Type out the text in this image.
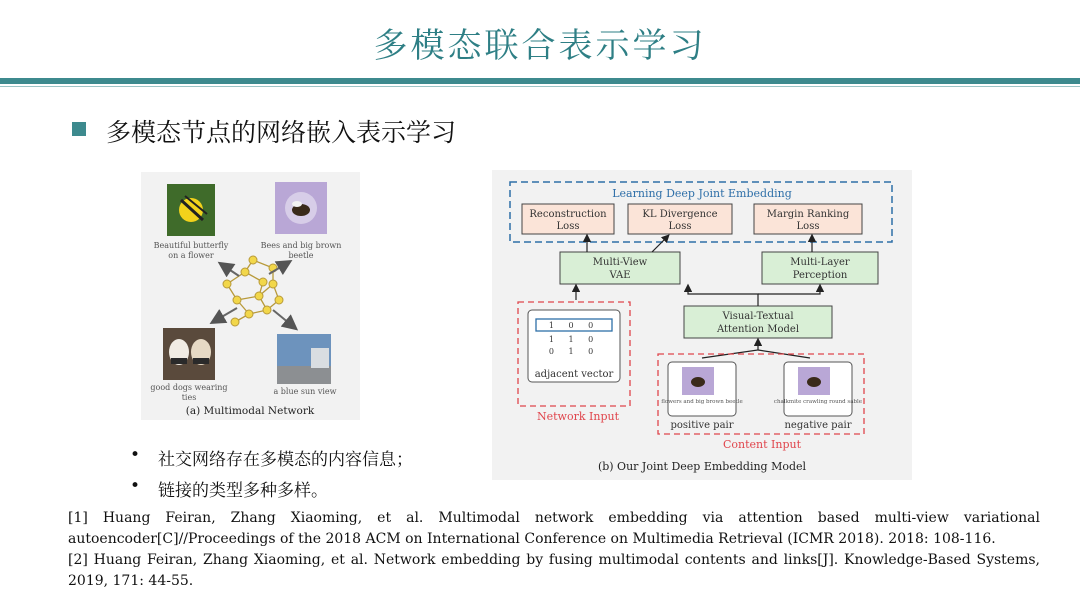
多模态联合表示学习
多模态节点的网络嵌入表示学习
Beautiful butterfly
on a flower
Bees and big brown
beetle
good dogs wearing
ties
a blue sun view
(a) Multimodal Network
Learning Deep Joint Embedding
Reconstruction
Loss
KL Divergence
Loss
Margin Ranking
Loss
Multi-View
VAE
Multi-Layer
Perception
Visual-Textual
Attention Model
1 0 0
1 1 0
0 1 0
adjacent vector
Network Input
flowers and big brown beetle
positive pair
chalkmite crawling round sable
negative pair
Content Input
(b) Our Joint Deep Embedding Model
• 社交网络存在多模态的内容信息；
• 链接的类型多种多样。

[1] Huang Feiran, Zhang Xiaoming, et al. Multimodal network embedding via attention based multi-view variational autoencoder[C]//Proceedings of the 2018 ACM on International Conference on Multimedia Retrieval (ICMR 2018). 2018: 108-116.

[2] Huang Feiran, Zhang Xiaoming, et al. Network embedding by fusing multimodal contents and links[J]. Knowledge-Based Systems, 2019, 171: 44-55.
